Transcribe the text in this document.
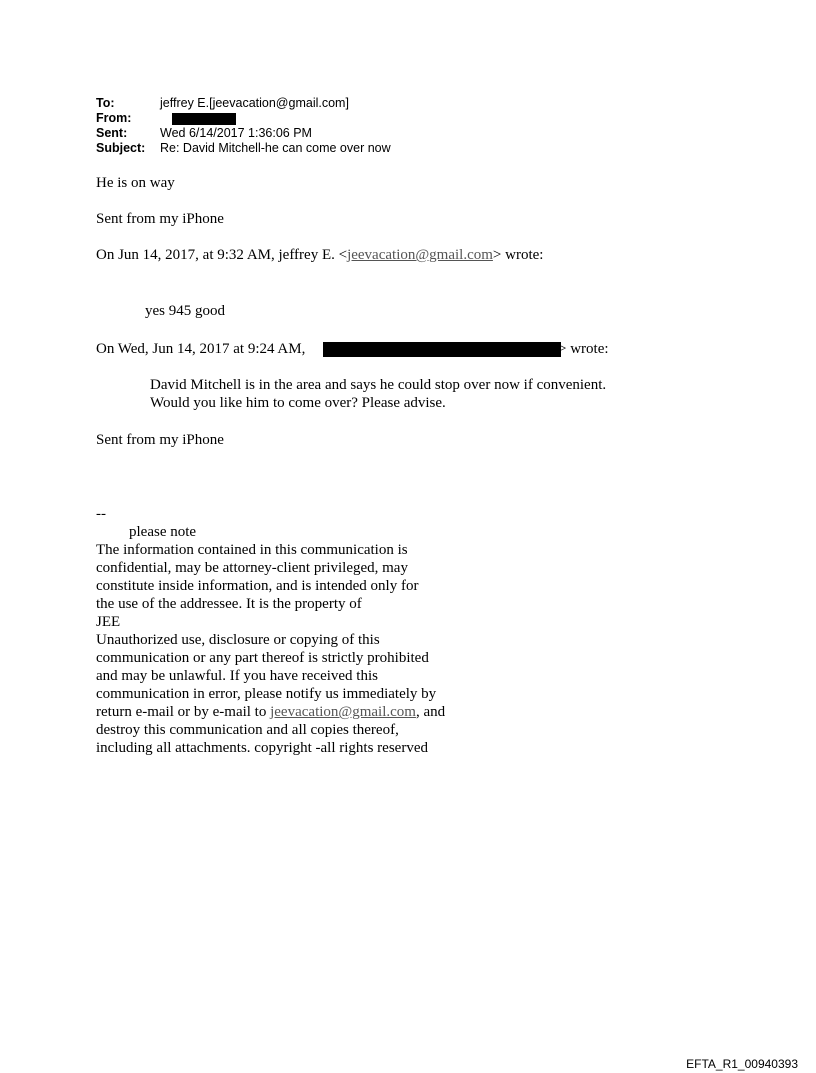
To:	jeffrey E.[jeevacation@gmail.com]
From:
Sent:	Wed 6/14/2017 1:36:06 PM
Subject: Re: David Mitchell-he can come over now
He is on way
Sent from my iPhone
On Jun 14, 2017, at 9:32 AM, jeffrey E. <jeevacation@gmail.com> wrote:
yes 945 good
On Wed, Jun 14, 2017 at 9:24 AM,	> wrote:
David Mitchell is in the area and says he could stop over now if convenient.
Would you like him to come over? Please advise.
Sent from my iPhone
--
please note
The information contained in this communication is
confidential, may be attorney-client privileged, may
constitute inside information, and is intended only for
the use of the addressee. It is the property of
JEE
Unauthorized use, disclosure or copying of this
communication or any part thereof is strictly prohibited
and may be unlawful. If you have received this
communication in error, please notify us immediately by
return e-mail or by e-mail to jeevacation@gmail.com, and
destroy this communication and all copies thereof,
including all attachments. copyright -all rights reserved
EFTA_R1_00940393
